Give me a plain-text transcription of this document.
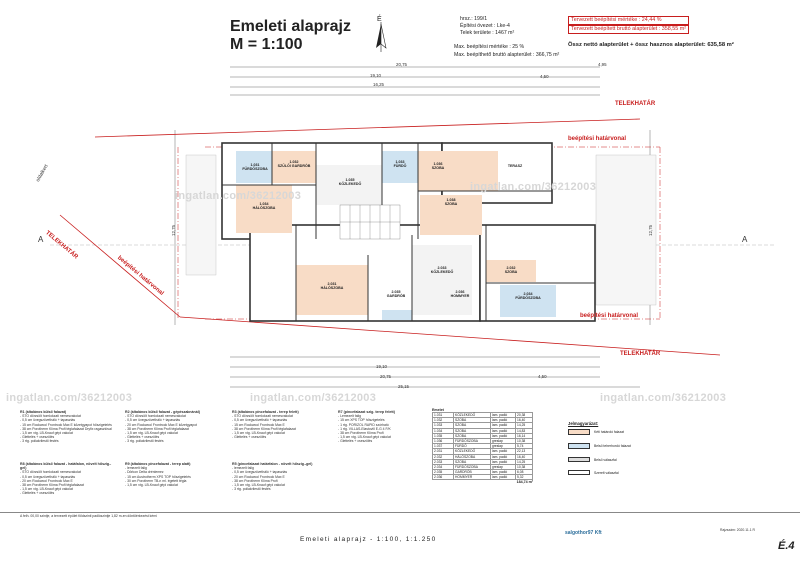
Emeleti alaprajz
M = 1:100
É	hrsz.: 199/1
Építési övezet : Lke-4
Telek területe : 1467 m²
Tervezett beépítési mértéke : 24,44 %
Tervezett beépített bruttó alapterület : 358,55 m²
Max. beépítési mértéke : 25 %
Max. beépíthető bruttó alapterület : 366,75 m²
Össz nettó alapterület + össz hasznos alapterület: 635,58 m²
TELEKHATÁR
TELEKHATÁR
TELEKHATÁR
beépítési határvonal
beépítési határvonal
beépítési határvonal
oldalkert
A	A
20,75
19,10
16,25
4,95
4,50
25,15
20,75
19,10
4,50
12,75	12,75
1.031
FÜRDŐSZOBA
1.032
SZÜLŐI GARDRÓB
1.033
FÜRDŐ
1.034
HÁLÓSZOBA
1.035
KÖZLEKEDŐ
1.036
SZOBA
TERASZ
1.038
SZOBA
2.031
HÁLÓSZOBA
2.032
SZOBA
2.033
KÖZLEKEDŐ
2.034
FÜRDŐSZOBA
2.035
GARDRÓB
2.036
HOMMYER
ingatlan.com/36212003
ingatlan.com/36212003
ingatlan.com/36212003	ingatlan.com/36212003	ingatlan.com/36212003
R1 (általános külső falazat)
- STO dörzsölt homlokzati nemesvakolat
- 0,5 cm üvegszövetháló + tapasztás
- 15 cm Rockwool Frontrock Max E kőzetgyapot hőszigetelés
- 38 cm Porotherm Klíma Profi téglafalazat Dryfix ragasztóval
- 1,5 cm vtg. LB-Knauf gépi vakolat
- Glettelés + cseszölés
- 3 rtg. poliakrilestő festés
R8 (általános külső falazat - hatáfalon, növelt hőszig.-gel)
- STO dörzsölt homlokzati nemesvakolat
- 0,5 cm üvegszövetháló + tapasztás
- 20 cm Rockwool Frontrock Max E
- 38 cm Porotherm Klíma Profi téglafalazat
- 1,5 cm vtg. LB-Knauf gépi vakolat
- Glettelés + cseszölés
R2 (általános külső falazat - gépészaknánál)
- STO dörzsölt homlokzati nemesvakolat
- 0,5 cm üvegszövetháló + tapasztás
- 20 cm Rockwool Frontrock Max E kőzetgyapot
- 38 cm Porotherm Klíma Profi téglafalazat
- 1,5 cm vtg. LB-Knauf gépi vakolat
- Glettelés + cseszölés
- 3 rtg. poliakrilestő festés
R9 (általános pincefalazat - terep alatt)
- lemezelt falig
- Dörkon Delta drénlemez
- 15 cm Austrotherm XPS TOP hőszigetelés
- 30 cm Porotherm TB-n ml. égetett tégla
- 1,5 cm vtg. LB-Knauf gépi vakolat
R3 (általános pincefalazat - terep felett)
- STO dörzsölt homlokzati nemesvakolat
- 0,5 cm üvegszövetháló + tapasztás
- 15 cm Rockwool Frontrock Max E
- 38 cm Porotherm Klíma Profi téglafalazat
- 1,5 cm vtg. LB-Knauf gépi vakolat
- Glettelés + cseszölés
R5 (pincefalazat határfalon - növelt hőszig.-gel)
- lemezelt falig
- 0,5 cm üvegszövetháló + tapasztás
- 20 cm Rockwool Frontrock Max E
- 38 cm Porotherm Klíma Profi
- 1,5 cm vtg. LB-Knauf gépi vakolat
- 3 rtg. poliakrilestő festés
R7 (pincefalazat szig. terep felett)
- Lemezelt falig
- 15 cm XPS TOP hőszigetelés
- 1 rtg. PORIZOL RAPID szórható
- 1 rtg. VILLAS-Elastovill E-G 4 F/K
- 38 cm Porotherm Klíma Profi
- 1,5 cm vtg. LB-Knauf gépi vakolat
- Glettelés + cseszölés
Emelet
1.031	KÖZLEKEDŐ	lam. padló	20,38
1.032	SZOBA	lam. padló	16,40
1.033	SZOBA	lam. padló	14,25
1.034	SZOBA	lam. padló	14,83
1.035	SZOBA	lam. padló	16,14
1.036	FÜRDŐSZOBA	greslap	10,38
1.037	FÜRDŐ	greslap	5,74
2.031	KÖZLEKEDŐ	lam. padló	22,13
2.032	HÁLÓSZOBA	lam. padló	16,40
2.033	SZOBA	lam. padló	14,25
2.034	FÜRDŐSZOBA	greslap	10,38
2.035	GARDRÓB	lam. padló	6,08
2.036	HOMMYER	lam. padló	5,32
184,74 m²
Jelmagyarázat:
Kéti határoló falazat
Belső teherhordó falazat
Belső válaszfal
Szerelt válaszfal
A felh. 00,00 szintje, a tervezett épület földszinti padlószintje 1,82 m-en döntőérkezést kérni
Emeleti alaprajz - 1:100, 1:1.250
salgothor97 Kft	Rajzszám: 2020.11.1 R
É.4
